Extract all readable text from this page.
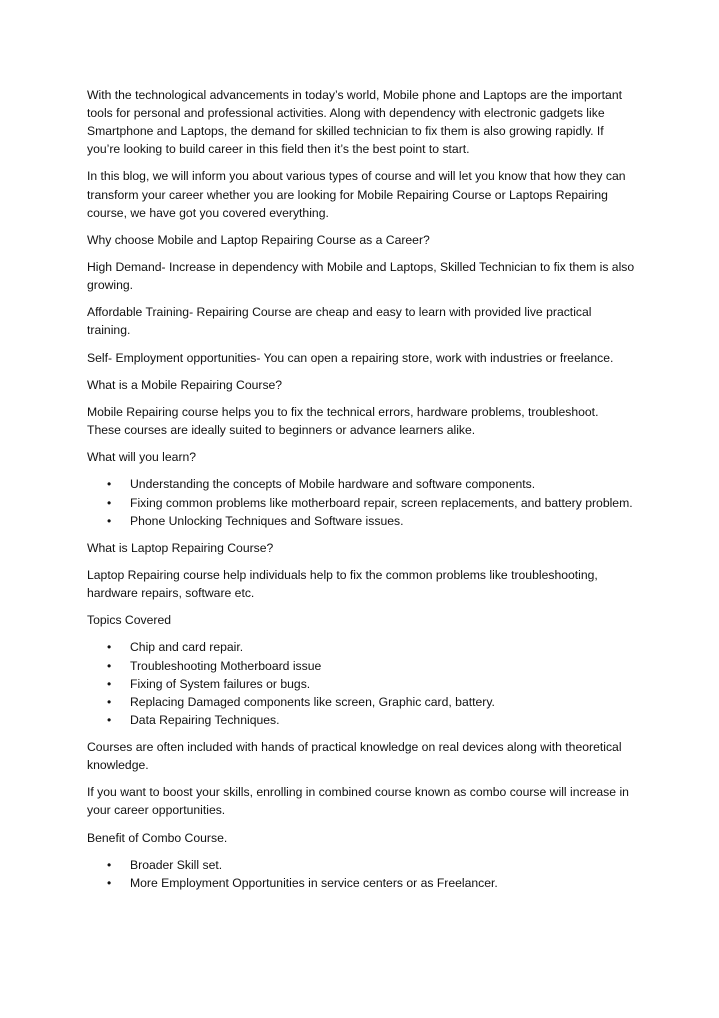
With the technological advancements in today’s world, Mobile phone and Laptops are the important tools for personal and professional activities. Along with dependency with electronic gadgets like Smartphone and Laptops, the demand for skilled technician to fix them is also growing rapidly. If you’re looking to build career in this field then it’s the best point to start.

In this blog, we will inform you about various types of course and will let you know that how they can transform your career whether you are looking for Mobile Repairing Course or Laptops Repairing course, we have got you covered everything.

Why choose Mobile and Laptop Repairing Course as a Career?

High Demand- Increase in dependency with Mobile and Laptops, Skilled Technician to fix them is also growing.

Affordable Training- Repairing Course are cheap and easy to learn with provided live practical training.

Self- Employment opportunities- You can open a repairing store, work with industries or freelance.

What is a Mobile Repairing Course?

Mobile Repairing course helps you to fix the technical errors, hardware problems, troubleshoot. These courses are ideally suited to beginners or advance learners alike.

What will you learn?

• Understanding the concepts of Mobile hardware and software components.
• Fixing common problems like motherboard repair, screen replacements, and battery problem.
• Phone Unlocking Techniques and Software issues.

What is Laptop Repairing Course?

Laptop Repairing course help individuals help to fix the common problems like troubleshooting, hardware repairs, software etc.

Topics Covered

• Chip and card repair.
• Troubleshooting Motherboard issue
• Fixing of System failures or bugs.
• Replacing Damaged components like screen, Graphic card, battery.
• Data Repairing Techniques.

Courses are often included with hands of practical knowledge on real devices along with theoretical knowledge.

If you want to boost your skills, enrolling in combined course known as combo course will increase in your career opportunities.

Benefit of Combo Course.

• Broader Skill set.
• More Employment Opportunities in service centers or as Freelancer.
